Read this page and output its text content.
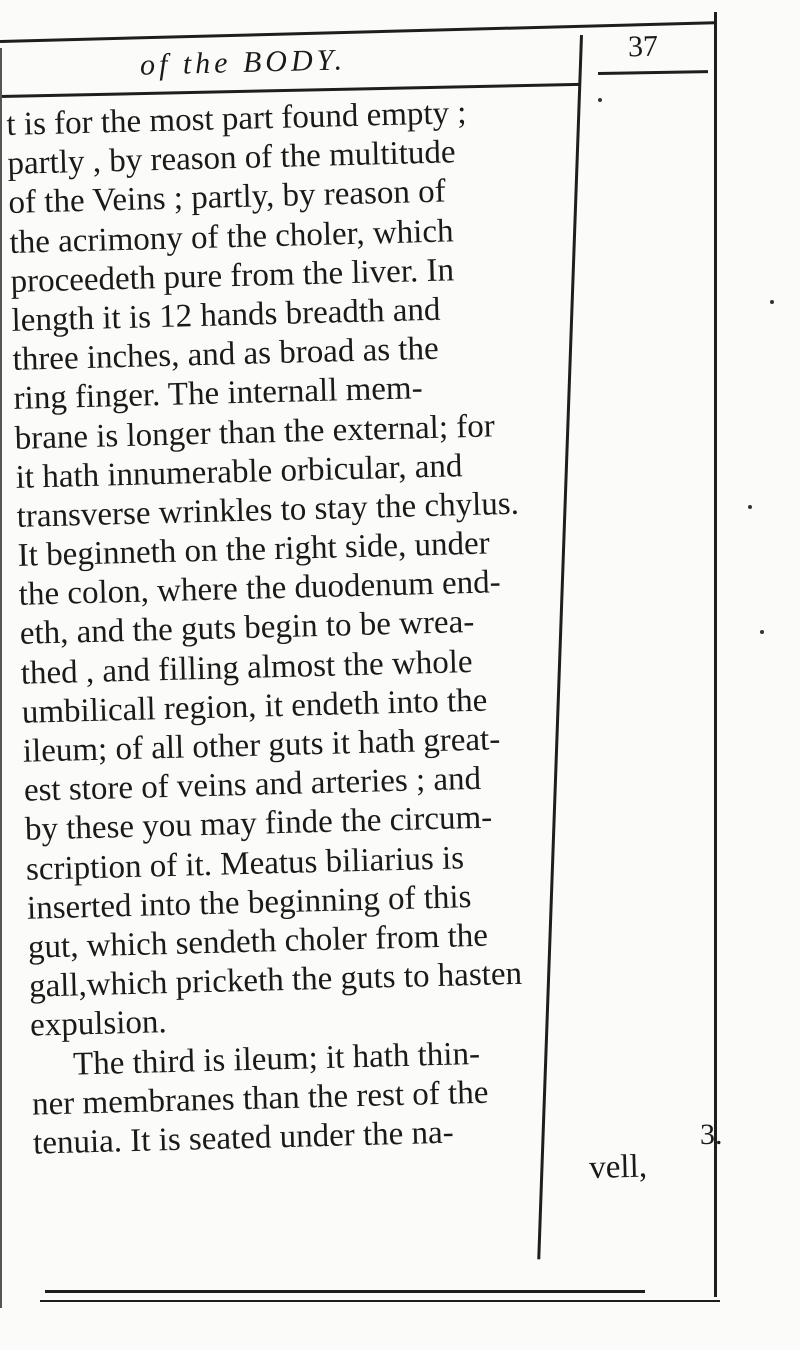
of the BODY.	37
t is for the most part found empty ;
partly , by reason of the multitude
of the Veins ; partly, by reason of
the acrimony of the choler, which
proceedeth pure from the liver. In
length it is 12 hands breadth and
three inches, and as broad as the
ring finger. The internall mem-
brane is longer than the external; for
it hath innumerable orbicular, and
transverse wrinkles to stay the chylus.
It beginneth on the right side, under
the colon, where the duodenum end-
eth, and the guts begin to be wrea-
thed , and filling almost the whole
umbilicall region, it endeth into the
ileum; of all other guts it hath great-
est store of veins and arteries ; and
by these you may finde the circum-
scription of it. Meatus biliarius is
inserted into the beginning of this
gut, which sendeth choler from the
gall,which pricketh the guts to hasten
expulsion.
The third is ileum; it hath thin-
ner membranes than the rest of the
tenuia. It is seated under the na-
vell,
3.
